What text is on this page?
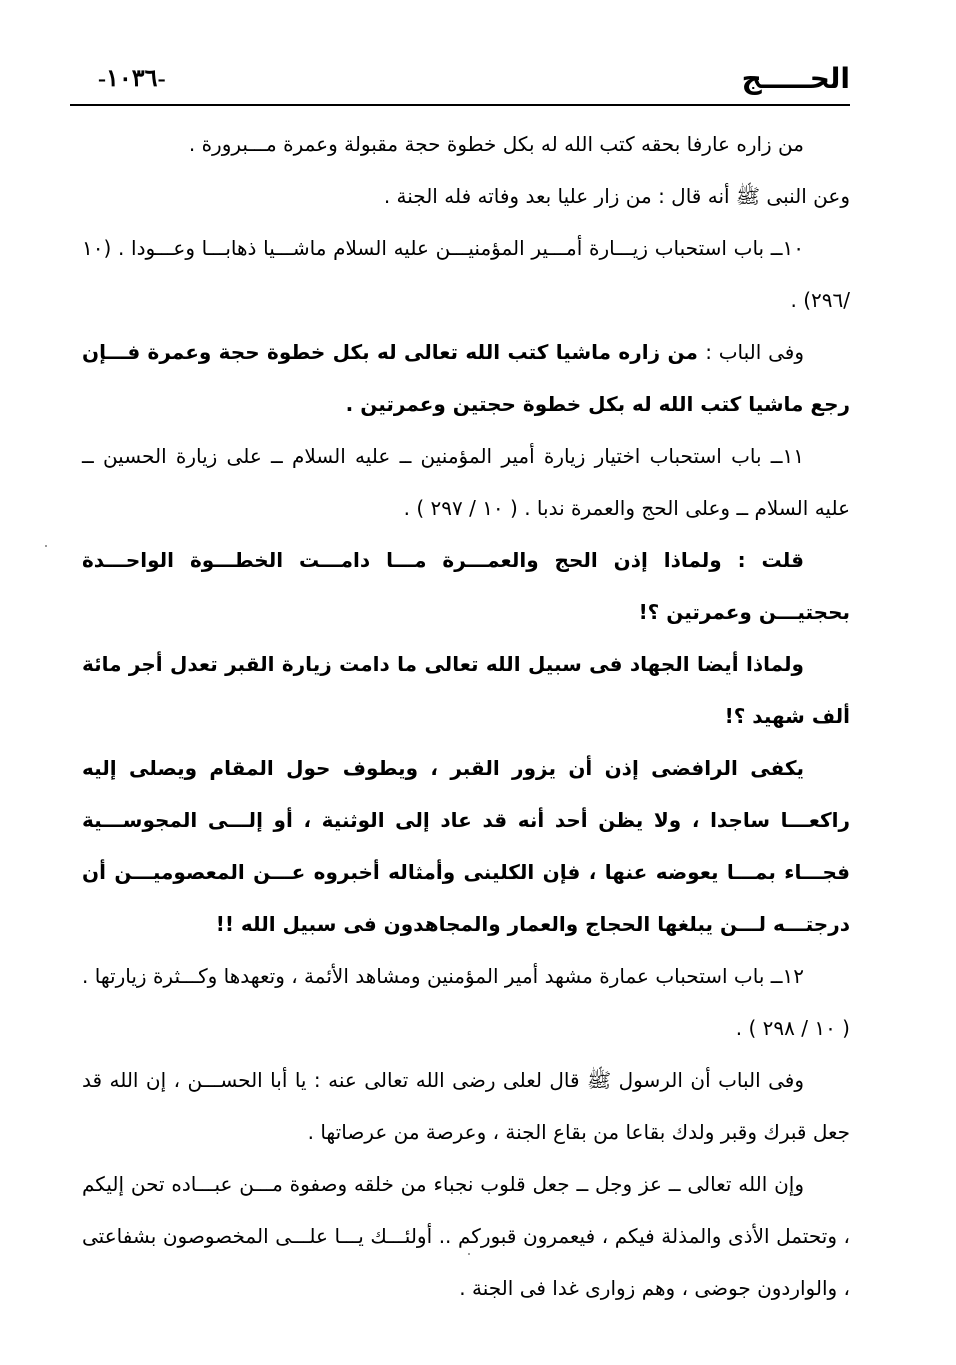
-١٠٣٦-	الحـــــج

من زاره عارفا بحقه كتب الله له بكل خطوة حجة مقبولة وعمرة مـــبرورة .

وعن النبى ﷺ أنه قال : من زار عليا بعد وفاته فله الجنة .

١٠ــ باب استحباب زيـــارة أمـــير المؤمنيـــن عليه السلام ماشـــيا ذهابـــا وعـــودا . (١٠ /٢٩٦) .

وفى الباب : من زاره ماشيا كتب الله تعالى له بكل خطوة حجة وعمرة فـــإن رجع ماشيا كتب الله له بكل خطوة حجتين وعمرتين .

١١ــ باب استحباب اختيار زيارة أمير المؤمنين ــ عليه السلام ــ على زيارة الحسين ــ عليه السلام ــ وعلى الحج والعمرة ندبا . ( ١٠ / ٢٩٧ ) .

قلت : ولماذا إذن الحج والعمـــرة مـــا دامـــت الخطـــوة الواحـــدة بحجتيـــن وعمرتين ؟!

ولماذا أيضا الجهاد فى سبيل الله تعالى ما دامت زيارة القبر تعدل أجر مائة ألف شهيد ؟!

يكفى الرافضى إذن أن يزور القبر ، ويطوف حول المقام ويصلى إليه راكعـــا ساجدا ، ولا يظن أحد أنه قد عاد إلى الوثنية ، أو إلـــى المجوســـية فجـــاء بمـــا يعوضه عنها ، فإن الكلينى وأمثاله أخبروه عـــن المعصوميـــن أن درجتـــه لـــن يبلغها الحجاج والعمار والمجاهدون فى سبيل الله !!

١٢ــ باب استحباب عمارة مشهد أمير المؤمنين ومشاهد الأئمة ، وتعهدها وكـــثرة زيارتها . ( ١٠ / ٢٩٨ ) .

وفى الباب أن الرسول ﷺ قال لعلى رضى الله تعالى عنه : يا أبا الحســـن ، إن الله قد جعل قبرك وقبر ولدك بقاعا من بقاع الجنة ، وعرصة من عرصاتها .

وإن الله تعالى ــ عز وجل ــ جعل قلوب نجباء من خلقه وصفوة مـــن عبـــاده تحن إليكم ، وتحتمل الأذى والمذلة فيكم ، فيعمرون قبوركم .. أولئـــك يـــا علـــى المخصوصون بشفاعتى ، والواردون جوضى ، وهم زوارى غدا فى الجنة .
